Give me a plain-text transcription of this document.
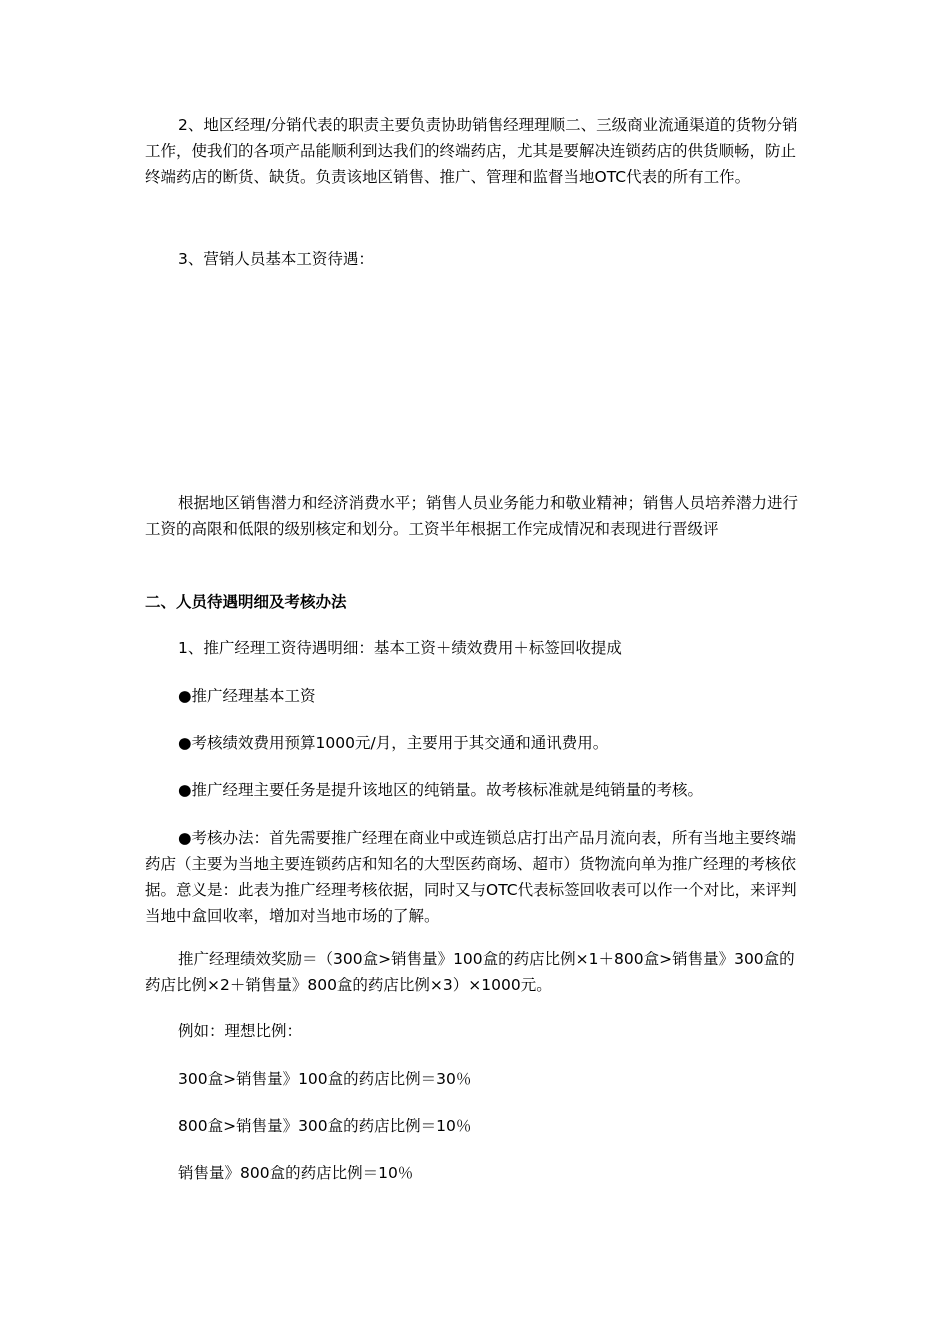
2、地区经理/分销代表的职责主要负责协助销售经理理顺二、三级商业流通渠道的货物分销工作，使我们的各项产品能顺利到达我们的终端药店，尤其是要解决连锁药店的供货顺畅，防止终端药店的断货、缺货。负责该地区销售、推广、管理和监督当地OTC代表的所有工作。

3、营销人员基本工资待遇：

根据地区销售潜力和经济消费水平；销售人员业务能力和敬业精神；销售人员培养潜力进行工资的高限和低限的级别核定和划分。工资半年根据工作完成情况和表现进行晋级评

二、人员待遇明细及考核办法

1、推广经理工资待遇明细：基本工资＋绩效费用＋标签回收提成

●推广经理基本工资

●考核绩效费用预算1000元/月，主要用于其交通和通讯费用。

●推广经理主要任务是提升该地区的纯销量。故考核标准就是纯销量的考核。

●考核办法：首先需要推广经理在商业中或连锁总店打出产品月流向表，所有当地主要终端药店（主要为当地主要连锁药店和知名的大型医药商场、超市）货物流向单为推广经理的考核依据。意义是：此表为推广经理考核依据，同时又与OTC代表标签回收表可以作一个对比，来评判当地中盒回收率，增加对当地市场的了解。

推广经理绩效奖励＝（300盒>销售量》100盒的药店比例×1＋800盒>销售量》300盒的药店比例×2＋销售量》800盒的药店比例×3）×1000元。

例如：理想比例：

300盒>销售量》100盒的药店比例＝30％

800盒>销售量》300盒的药店比例＝10％

销售量》800盒的药店比例＝10％
